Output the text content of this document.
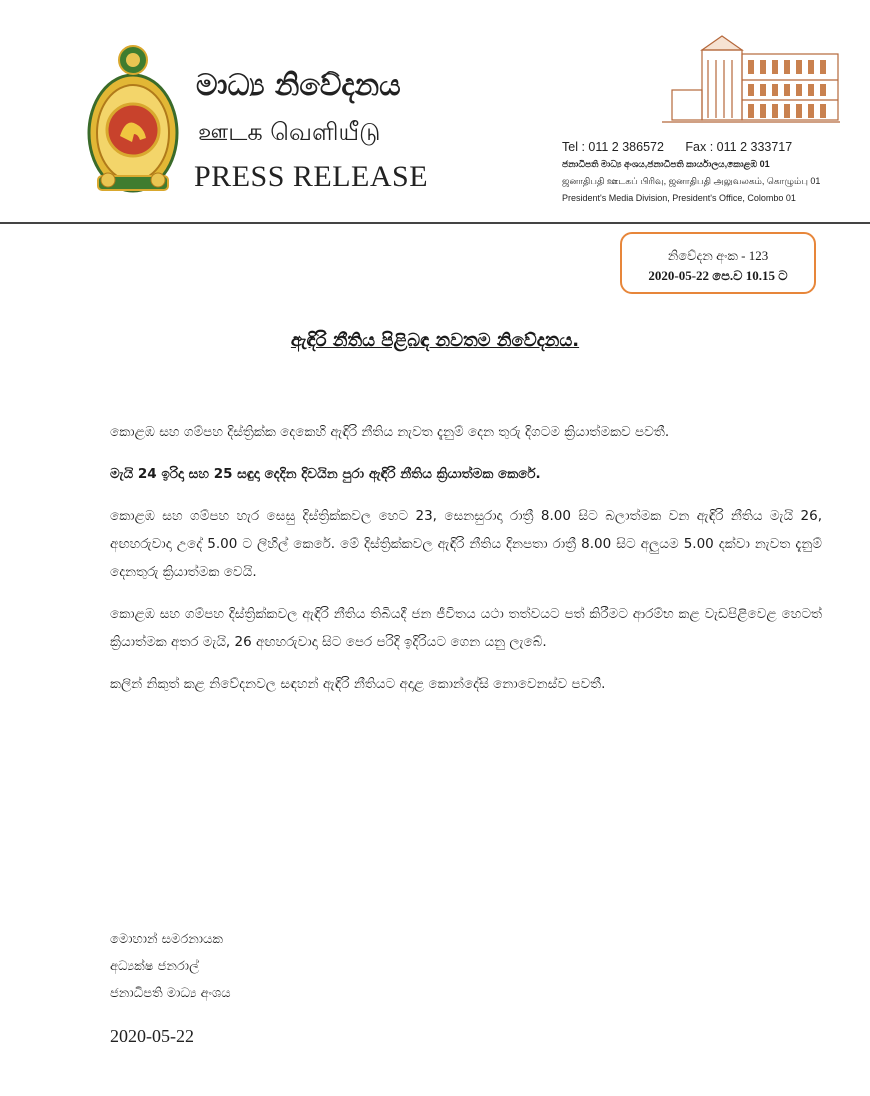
මාධ්‍ය නිවේදනය
ஊடக வெளியீடு
PRESS RELEASE
Tel : 011 2 386572 Fax : 011 2 333717
ජනාධිපති මාධ්‍ය අංශය,ජනාධිපති කාර්යාලය,කොළඹ 01
ஜனாதிபதி ஊடகப் பிரிவு, ஜனாதிபதி அலுவலகம், கொழும்பு 01
President's Media Division, President's Office, Colombo 01
නිවේදන අංක - 123
2020-05-22 පෙ.ව 10.15 ට
ඇඳිරි නීතිය පිළිබඳ නවතම නිවේදනය.

කොළඹ සහ ගම්පහ දිස්ත්‍රික්ක දෙකෙහි ඇඳිරි නීතිය නැවත දැනුම් දෙන තුරු දිගටම ක්‍රියාත්මකව පවතී.

මැයි 24 ඉරිදා සහ 25 සඳුදා දෙදින දිවයින පුරා ඇඳිරි නීතිය ක්‍රියාත්මක කෙරේ.

කොළඹ සහ ගම්පහ හැර සෙසු දිස්ත්‍රික්කවල හෙට 23, සෙනසුරාදා රාත්‍රී 8.00 සිට බලාත්මක වන ඇඳිරි නීතිය මැයි 26, අඟහරුවාදා උදේ 5.00 ට ලිහිල් කෙරේ. මේ දිස්ත්‍රික්කවල ඇඳිරි නීතිය දිනපතා රාත්‍රී 8.00 සිට අලුයම 5.00 දක්වා නැවත දැනුම් දෙනතුරු ක්‍රියාත්මක වෙයි.

කොළඹ සහ ගම්පහ දිස්ත්‍රික්කවල ඇඳිරි නීතිය තිබියදී ජන ජීවිතය යථා තත්වයට පත් කිරීමට ආරම්භ කළ වැඩපිළිවෙළ හෙටත් ක්‍රියාත්මක අතර මැයි, 26 අඟහරුවාදා සිට පෙර පරිදි ඉදිරියට ගෙන යනු ලැබේ.

කලින් නිකුත් කළ නිවේදනවල සඳහන් ඇඳිරි නීතියට අදාළ කොන්දේසි නොවෙනස්ව පවතී.

මොහාන් සමරනායක
අධ්‍යක්ෂ ජනරාල්
ජනාධිපති මාධ්‍ය අංශය
2020-05-22
